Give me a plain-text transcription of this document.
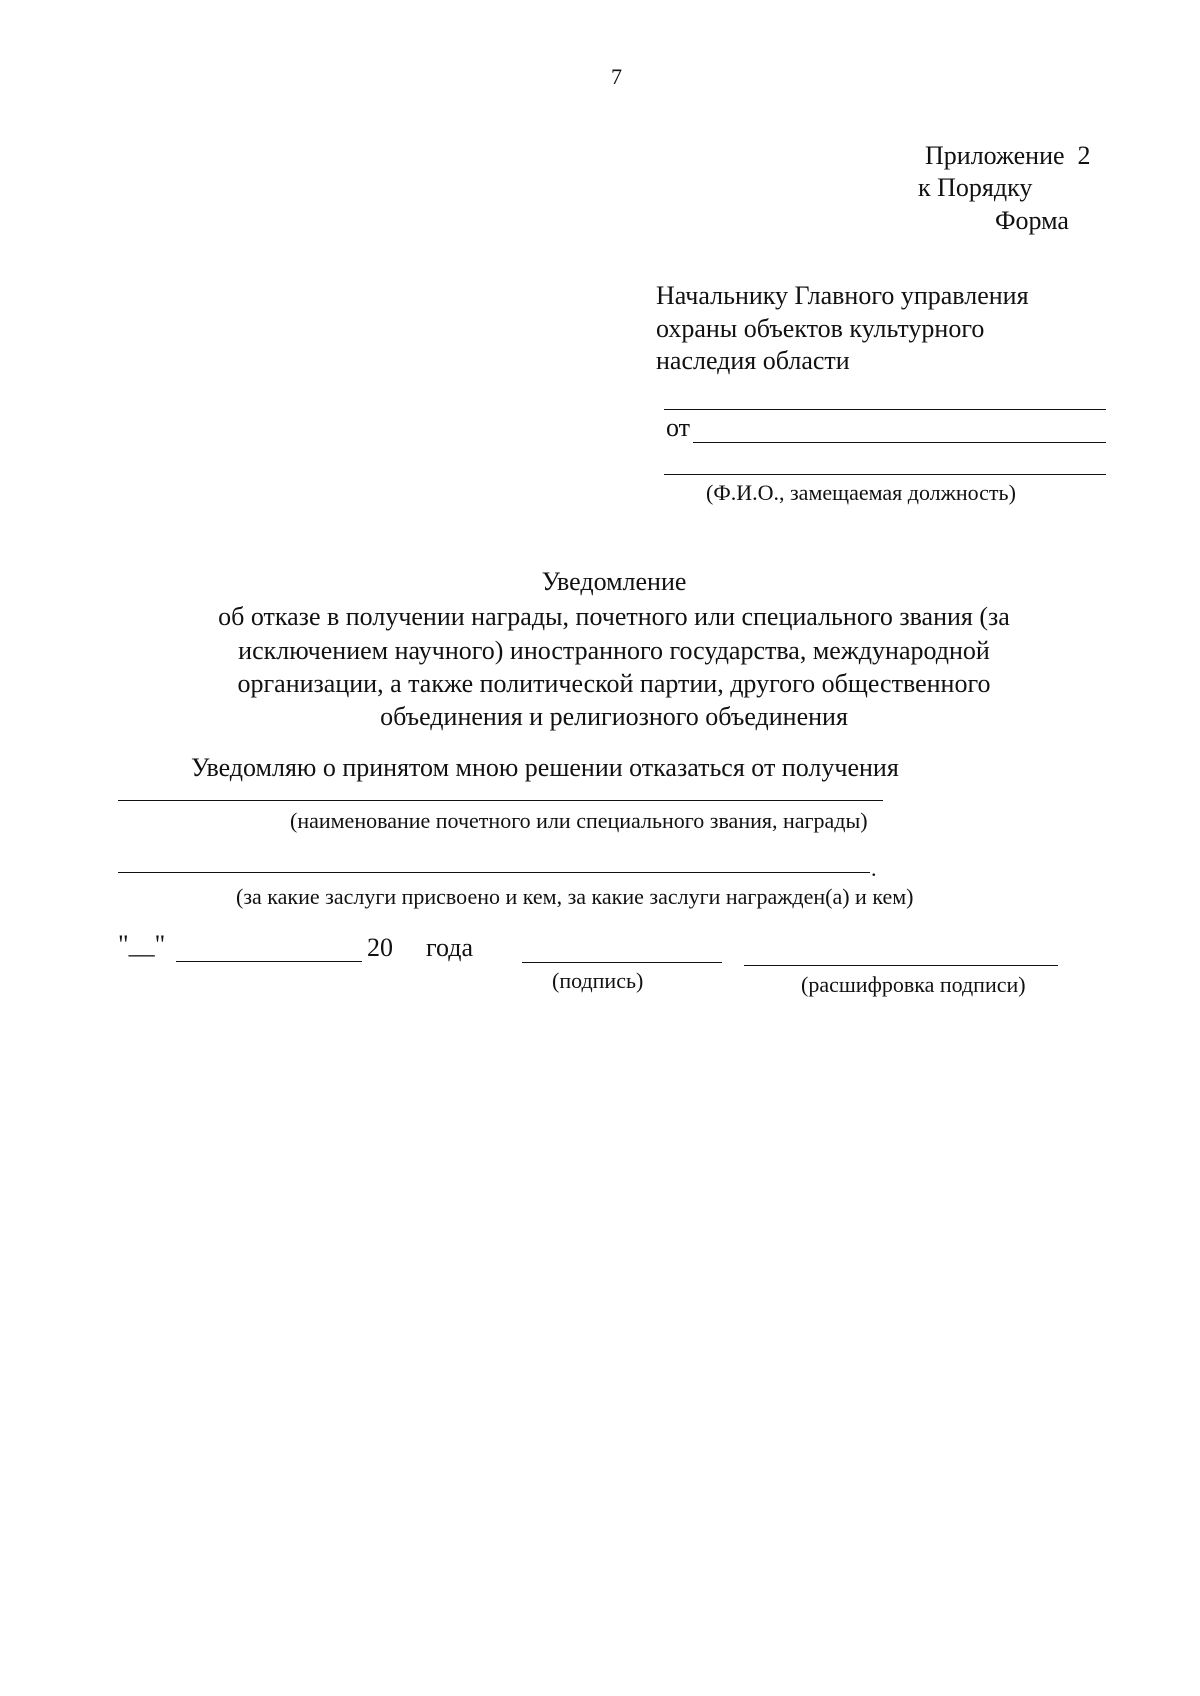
7
Приложение  2
к Порядку
Форма
Начальнику Главного управления
охраны объектов культурного
наследия области
от
(Ф.И.О., замещаемая должность)
Уведомление
об отказе в получении награды, почетного или специального звания (за
исключением научного) иностранного государства, международной
организации, а также политической партии, другого общественного
объединения и религиозного объединения
Уведомляю о принятом мною решении отказаться от получения
(наименование почетного или специального звания, награды)
.
(за какие заслуги присвоено и кем, за какие заслуги награжден(а) и кем)
"__"	20 года
(подпись)	(расшифровка подписи)
